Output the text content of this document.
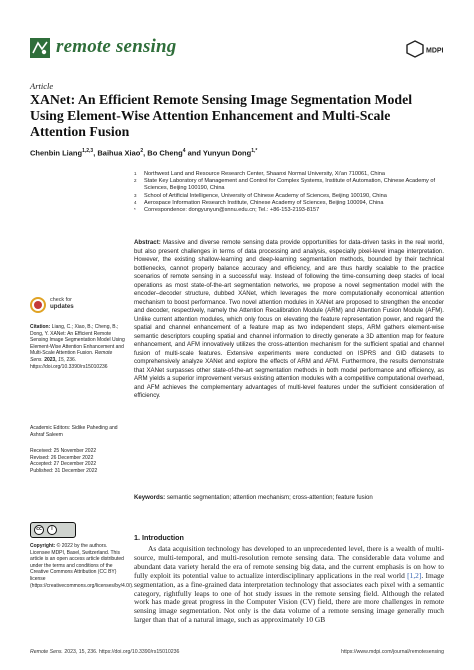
remote sensing	MDPI
Article
XANet: An Efficient Remote Sensing Image Segmentation Model Using Element-Wise Attention Enhancement and Multi-Scale Attention Fusion
Chenbin Liang$^{1,2,3}$, Baihua Xiao$^2$, Bo Cheng$^4$ and Yunyun Dong$^{1,*}$
1 Northwest Land and Resource Research Center, Shaanxi Normal University, Xi'an 710061, China
2 State Key Laboratory of Management and Control for Complex Systems, Institute of Automation, Chinese Academy of Sciences, Beijing 100190, China
3 School of Artificial Intelligence, University of Chinese Academy of Sciences, Beijing 100190, China
4 Aerospace Information Research Institute, Chinese Academy of Sciences, Beijing 100094, China
* Correspondence: dongyunyun@snnu.edu.cn; Tel.: +86-153-2193-8157
Abstract: Massive and diverse remote sensing data provide opportunities for data-driven tasks in the real world, but also present challenges in terms of data processing and analysis, especially pixel-level image interpretation. However, the existing shallow-learning and deep-learning segmentation methods, bounded by their technical bottlenecks, cannot properly balance accuracy and efficiency, and are thus hardly scalable to the practice scenarios of remote sensing in a successful way. Instead of following the time-consuming deep stacks of local operations as most state-of-the-art segmentation networks, we propose a novel segmentation model with the encoder–decoder structure, dubbed XANet, which leverages the more computationally economical attention mechanism to boost performance. Two novel attention modules in XANet are proposed to strengthen the encoder and decoder, respectively, namely the Attention Recalibration Module (ARM) and Attention Fusion Module (AFM). Unlike current attention modules, which only focus on elevating the feature representation power, and regard the spatial and channel enhancement of a feature map as two independent steps, ARM gathers element-wise semantic descriptors coupling spatial and channel information to directly generate a 3D attention map for feature enhancement, and AFM innovatively utilizes the cross-attention mechanism for the sufficient spatial and channel fusion of multi-scale features. Extensive experiments were conducted on ISPRS and GID datasets to comprehensively analyze XANet and explore the effects of ARM and AFM. Furthermore, the results demonstrate that XANet surpasses other state-of-the-art segmentation methods in both model performance and efficiency, as ARM yields a superior improvement versus existing attention modules with a competitive computational overhead, and AFM achieves the complementary advantages of multi-level features under the sufficient consideration of efficiency.
Keywords: semantic segmentation; attention mechanism; cross-attention; feature fusion
check for
updates
Citation: Liang, C.; Xiao, B.; Cheng, B.; Dong, Y. XANet: An Efficient Remote Sensing Image Segmentation Model Using Element-Wise Attention Enhancement and Multi-Scale Attention Fusion. Remote Sens. 2023, 15, 236. https://doi.org/10.3390/rs15010236
Academic Editors: Sidike Paheding and Ashraf Saleem
Received: 25 November 2022
Revised: 26 December 2022
Accepted: 27 December 2022
Published: 31 December 2022
cc	i
Copyright: © 2022 by the authors. Licensee MDPI, Basel, Switzerland. This article is an open access article distributed under the terms and conditions of the Creative Commons Attribution (CC BY) license (https://creativecommons.org/licenses/by/4.0/).
1. Introduction
As data acquisition technology has developed to an unprecedented level, there is a wealth of multi-source, multi-temporal, and multi-resolution remote sensing data. The considerable data volume and abundant data variety herald the era of remote sensing big data, and the current emphasis is on how to fully exploit its potential value to actualize interdisciplinary applications in the real world [1,2]. Image segmentation, as a fine-grained data interpretation technology that associates each pixel with a semantic category, rightfully leaps to one of hot study issues in the remote sensing field. Although the related work has made great progress in the Computer Vision (CV) field, there are more challenges in remote sensing image segmentation. Not only is the data volume of a remote sensing image generally much larger than that of a natural image, such as approximately 10 GB
Remote Sens. 2023, 15, 236. https://doi.org/10.3390/rs15010236	https://www.mdpi.com/journal/remotesensing
